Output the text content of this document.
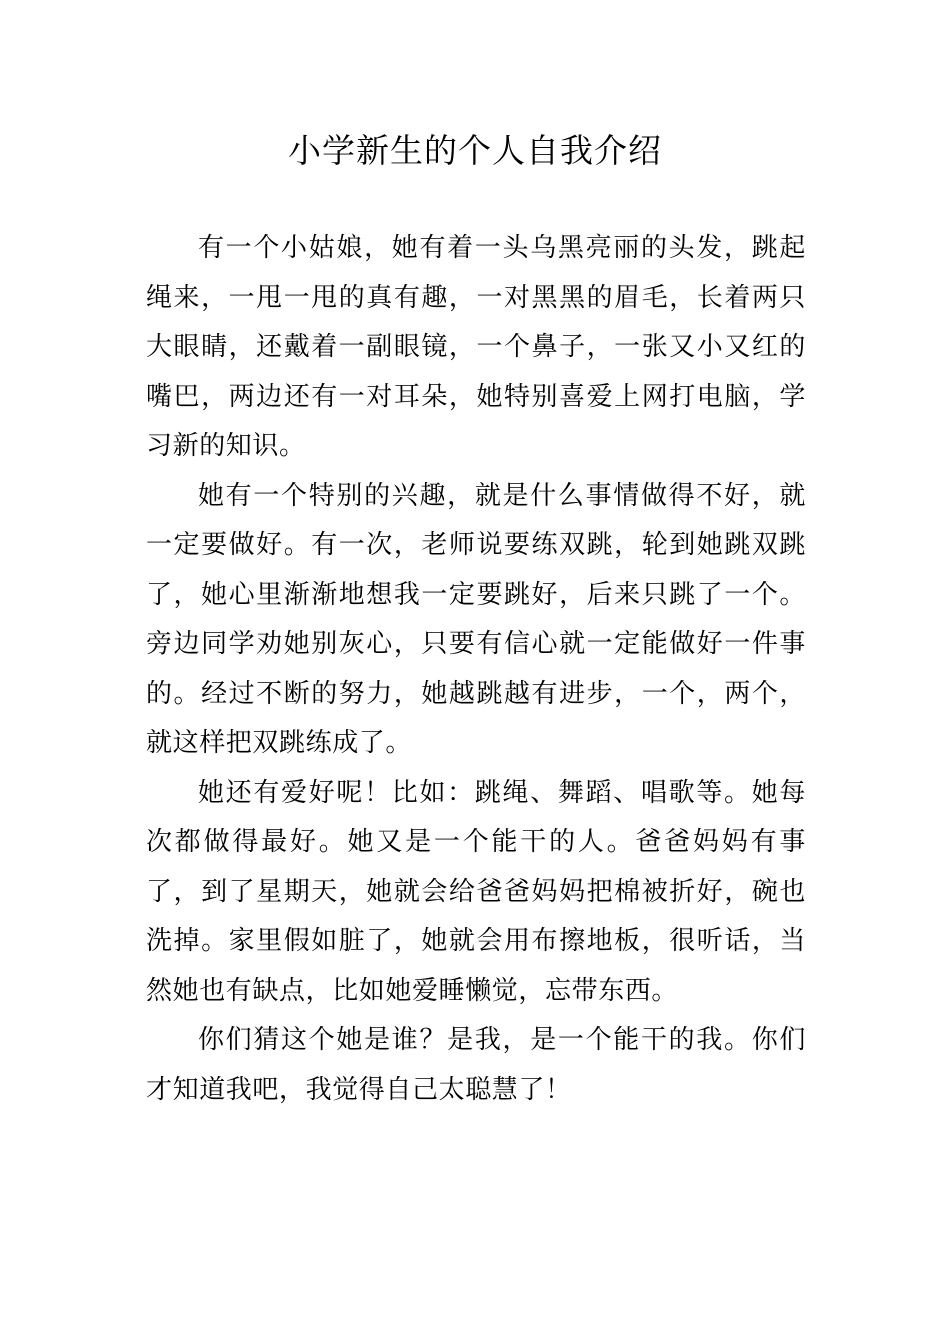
小学新生的个人自我介绍

有一个小姑娘，她有着一头乌黑亮丽的头发，跳起绳来，一甩一甩的真有趣，一对黑黑的眉毛，长着两只大眼睛，还戴着一副眼镜，一个鼻子，一张又小又红的嘴巴，两边还有一对耳朵，她特别喜爱上网打电脑，学习新的知识。

她有一个特别的兴趣，就是什么事情做得不好，就一定要做好。有一次，老师说要练双跳，轮到她跳双跳了，她心里渐渐地想我一定要跳好，后来只跳了一个。旁边同学劝她别灰心，只要有信心就一定能做好一件事的。经过不断的努力，她越跳越有进步，一个，两个，就这样把双跳练成了。

她还有爱好呢！比如：跳绳、舞蹈、唱歌等。她每次都做得最好。她又是一个能干的人。爸爸妈妈有事了，到了星期天，她就会给爸爸妈妈把棉被折好，碗也洗掉。家里假如脏了，她就会用布擦地板，很听话，当然她也有缺点，比如她爱睡懒觉，忘带东西。

你们猜这个她是谁？是我，是一个能干的我。你们才知道我吧，我觉得自己太聪慧了！
